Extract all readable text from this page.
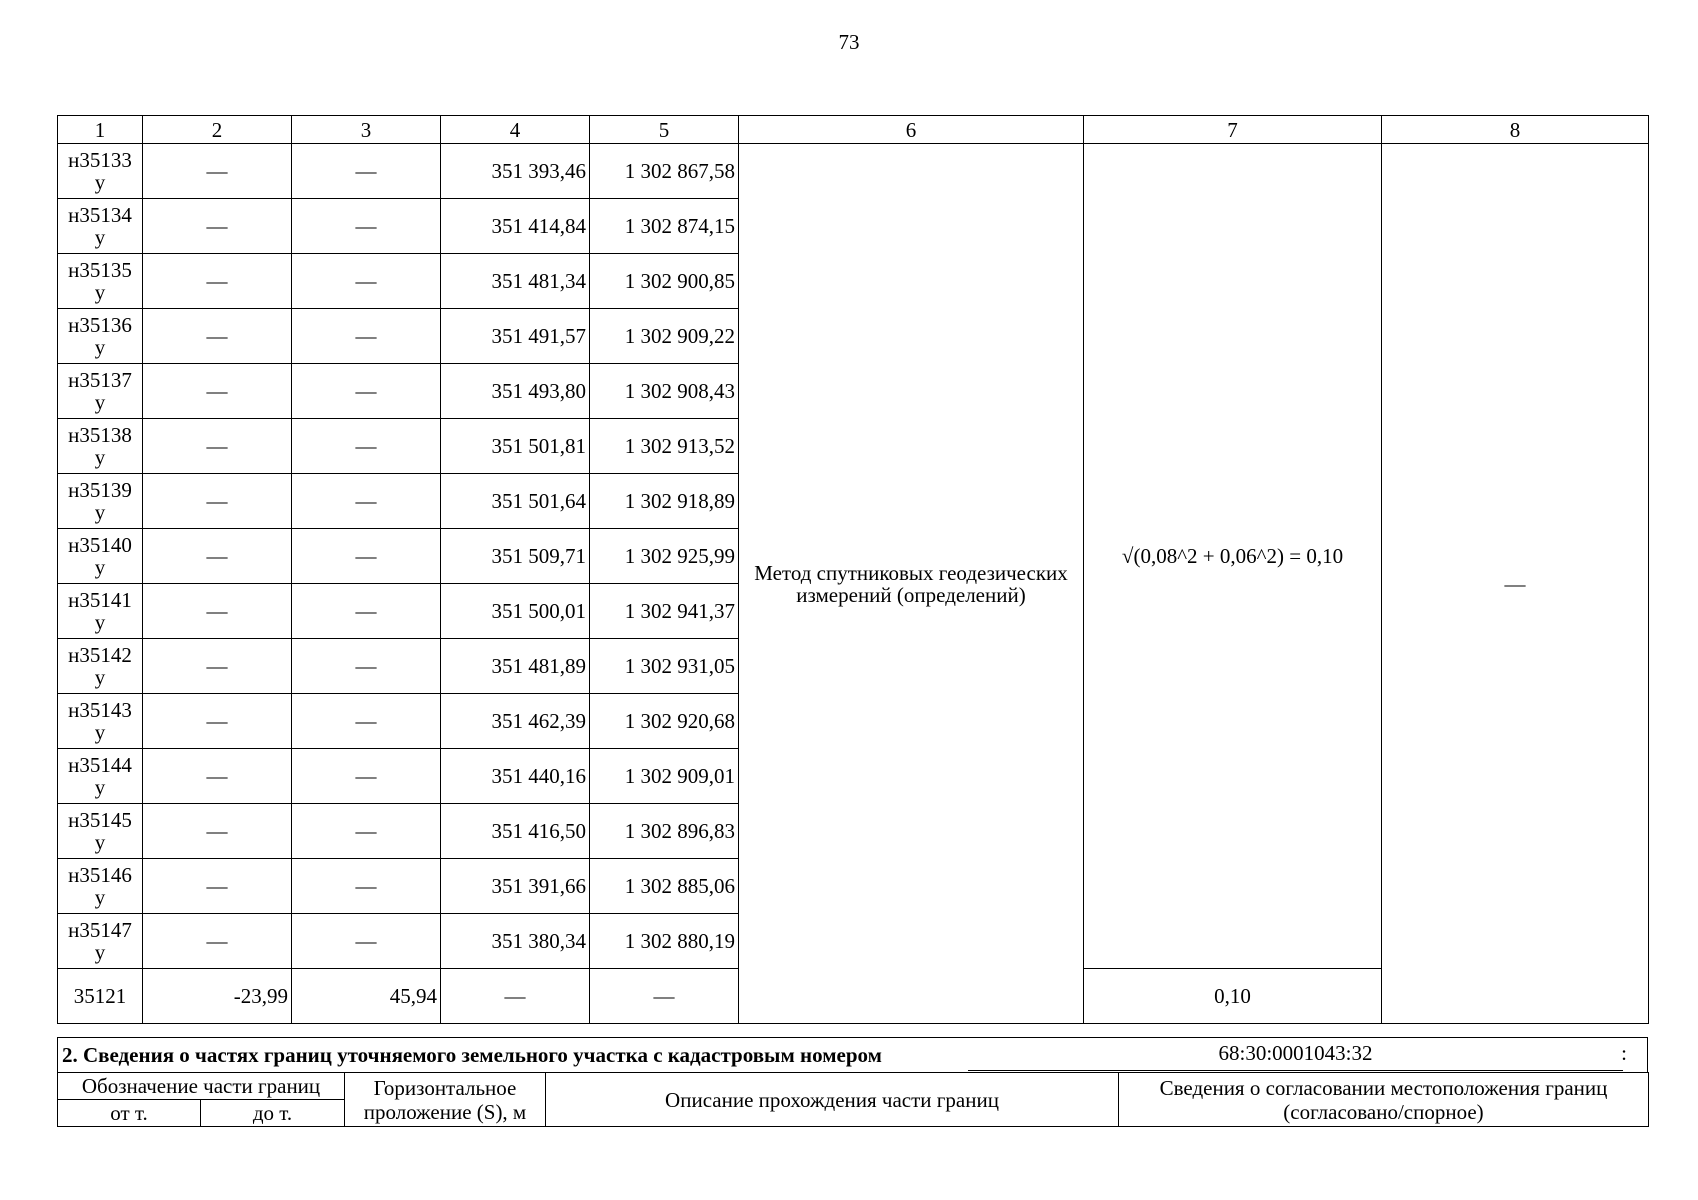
73
1	2	3	4	5	6	7	8
н35133
у	—	—	351 393,46	1 302 867,58	Метод спутниковых геодезических измерений (определений)	√(0,08^2 + 0,06^2) = 0,10	—
н35134
у	—	—	351 414,84	1 302 874,15			
н35135
у	—	—	351 481,34	1 302 900,85			
н35136
у	—	—	351 491,57	1 302 909,22			
н35137
у	—	—	351 493,80	1 302 908,43			
н35138
у	—	—	351 501,81	1 302 913,52			
н35139
у	—	—	351 501,64	1 302 918,89			
н35140
у	—	—	351 509,71	1 302 925,99			
н35141
у	—	—	351 500,01	1 302 941,37			
н35142
у	—	—	351 481,89	1 302 931,05			
н35143
у	—	—	351 462,39	1 302 920,68			
н35144
у	—	—	351 440,16	1 302 909,01			
н35145
у	—	—	351 416,50	1 302 896,83			
н35146
у	—	—	351 391,66	1 302 885,06			
н35147
у	—	—	351 380,34	1 302 880,19			
35121	-23,99	45,94	—	—		0,10	
2. Сведения о частях границ уточняемого земельного участка с кадастровым номером	68:30:0001043:32	:
Обозначение части границ		Горизонтальное проложение (S), м	Описание прохождения части границ	Сведения о согласовании местоположения границ (согласовано/спорное)
от т.	до т.			
